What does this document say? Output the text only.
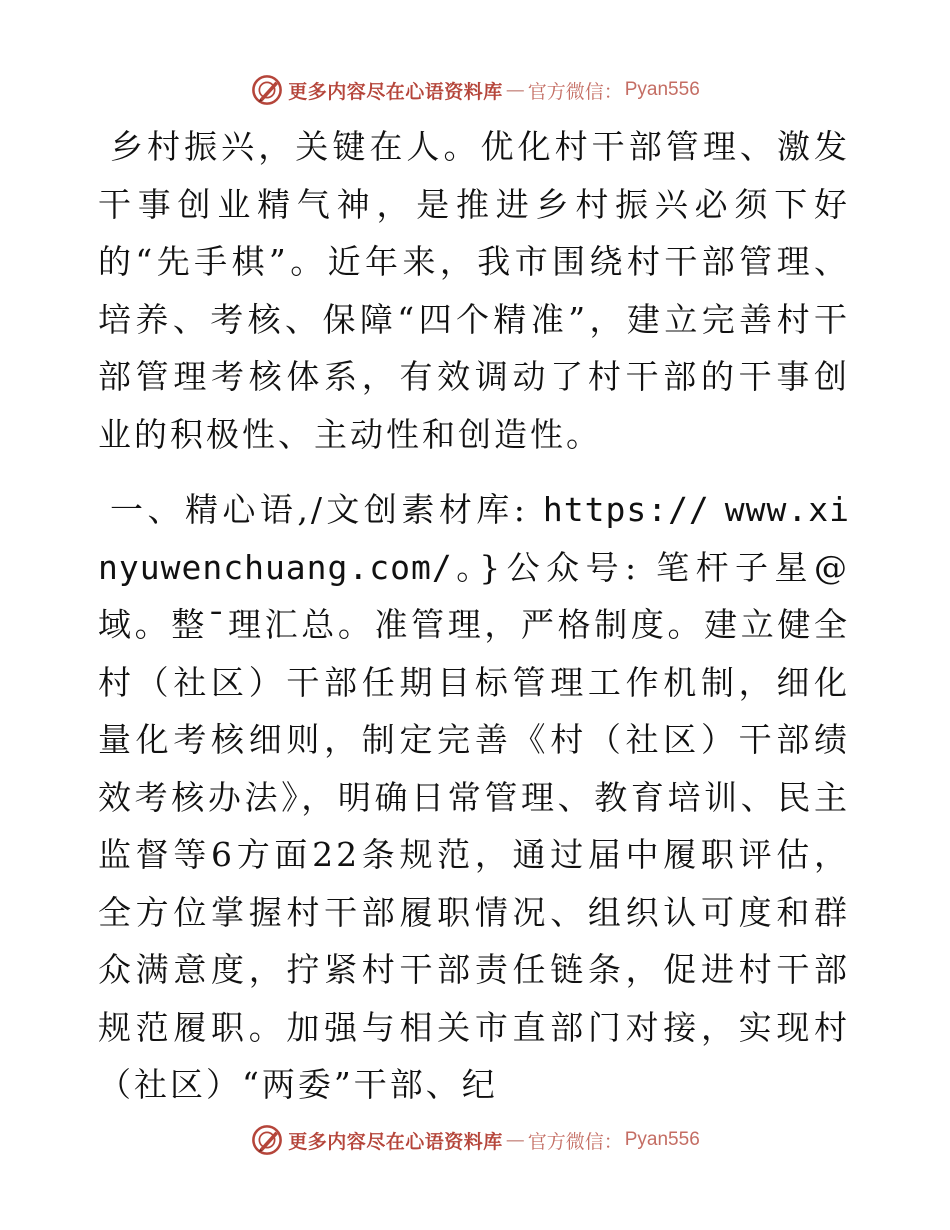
更多内容尽在心语资料库 — 官方微信： Pyan556

乡村振兴，关键在人。优化村干部管理、激发干事创业精气神，是推进乡村振兴必须下好的“先手棋”。近年来，我市围绕村干部管理、培养、考核、保障“四个精准”，建立完善村干部管理考核体系，有效调动了村干部的干事创业的积极性、主动性和创造性。

一、精心语,/文创素材库: https:// www.xinyuwenchuang.com/。}公众号: 笔杆子星@域。整¯理汇总。准管理，严格制度。建立健全村（社区）干部任期目标管理工作机制，细化量化考核细则，制定完善《村（社区）干部绩效考核办法》，明确日常管理、教育培训、民主监督等6方面22条规范，通过届中履职评估，全方位掌握村干部履职情况、组织认可度和群众满意度，拧紧村干部责任链条，促进村干部规范履职。加强与相关市直部门对接，实现村（社区）“两委”干部、纪

更多内容尽在心语资料库 — 官方微信： Pyan556
